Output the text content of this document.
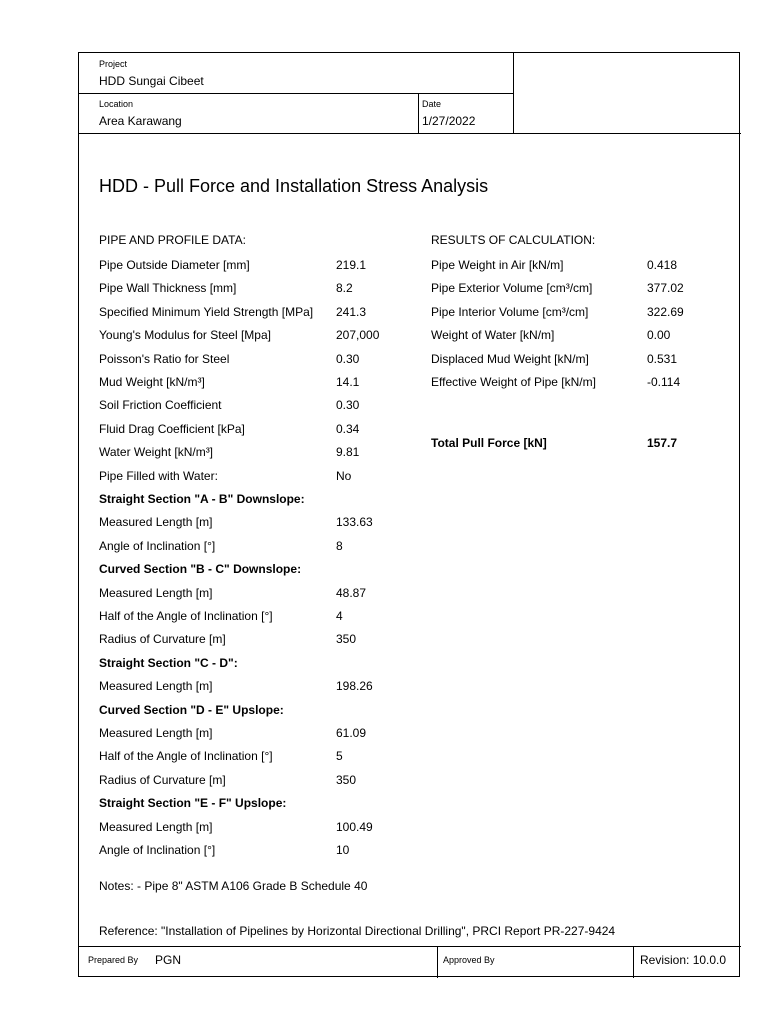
Project
HDD Sungai Cibeet
Location
Area Karawang
Date
1/27/2022
HDD - Pull Force and Installation Stress Analysis
PIPE AND PROFILE DATA:	RESULTS OF CALCULATION:
Pipe Outside Diameter [mm]	219.1
Pipe Wall Thickness [mm]	8.2
Specified Minimum Yield Strength [MPa] 241.3
Young's Modulus for Steel [Mpa]	207,000
Poisson's Ratio for Steel	0.30
Mud Weight [kN/m³]	14.1
Soil Friction Coefficient	0.30
Fluid Drag Coefficient [kPa]	0.34
Water Weight [kN/m³]	9.81
Pipe Filled with Water:	No
Straight Section "A - B" Downslope:
Measured Length [m]	133.63
Angle of Inclination [°]	8
Curved Section "B - C" Downslope:
Measured Length [m]	48.87
Half of the Angle of Inclination [°]	4
Radius of Curvature [m]	350
Straight Section "C - D":
Measured Length [m]	198.26
Curved Section "D - E" Upslope:
Measured Length [m]	61.09
Half of the Angle of Inclination [°]	5
Radius of Curvature [m]	350
Straight Section "E - F" Upslope:
Measured Length [m]	100.49
Angle of Inclination [°]	10
Pipe Weight in Air [kN/m]	0.418
Pipe Exterior Volume [cm³/cm]	377.02
Pipe Interior Volume [cm³/cm]	322.69
Weight of Water [kN/m]	0.00
Displaced Mud Weight [kN/m]	0.531
Effective Weight of Pipe [kN/m]	-0.114
Total Pull Force [kN]	157.7
Notes: - Pipe 8" ASTM A106 Grade B Schedule 40
Reference: "Installation of Pipelines by Horizontal Directional Drilling", PRCI Report PR-227-9424
Prepared By PGN	Approved By	Revision: 10.0.0
